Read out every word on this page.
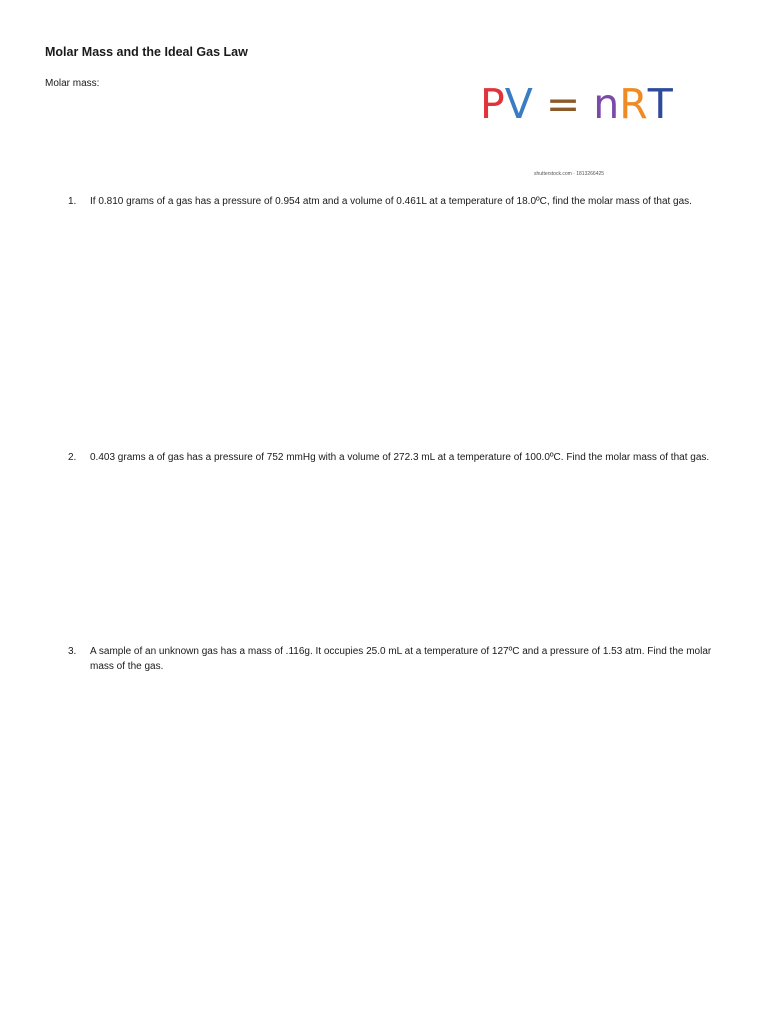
Molar Mass and the Ideal Gas Law
Molar mass:	PV = nRT
shutterstock.com · 1813266425
1. If 0.810 grams of a gas has a pressure of 0.954 atm and a volume of 0.461L at a temperature of 18.0ºC, find the molar mass of that gas.
2. 0.403 grams a of gas has a pressure of 752 mmHg with a volume of 272.3 mL at a temperature of 100.0ºC. Find the molar mass of that gas.
3. A sample of an unknown gas has a mass of .116g. It occupies 25.0 mL at a temperature of 127ºC and a pressure of 1.53 atm. Find the molar mass of the gas.
